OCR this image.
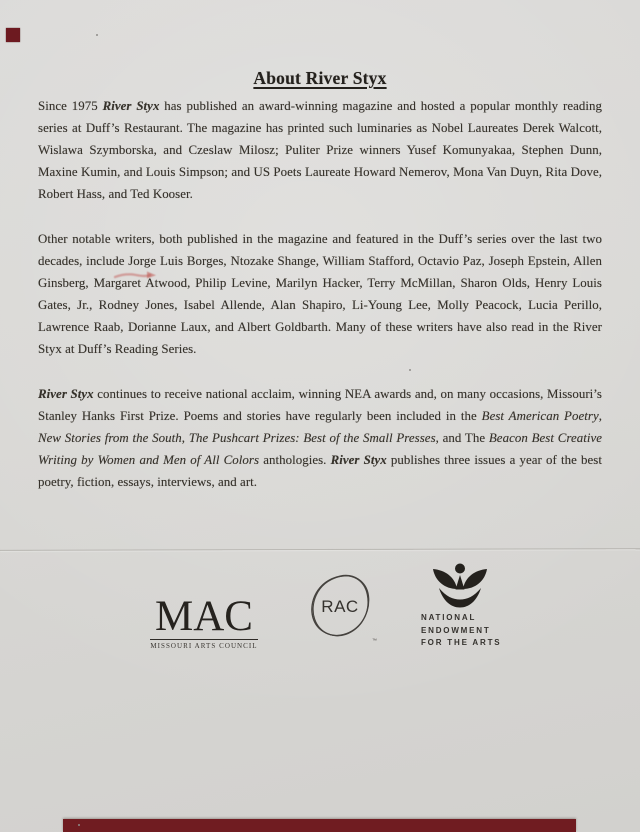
About River Styx
Since 1975 River Styx has published an award-winning magazine and hosted a popular monthly reading series at Duff’s Restaurant. The magazine has printed such luminaries as Nobel Laureates Derek Walcott, Wislawa Szymborska, and Czeslaw Milosz; Puliter Prize winners Yusef Komunyakaa, Stephen Dunn, Maxine Kumin, and Louis Simpson; and US Poets Laureate Howard Nemerov, Mona Van Duyn, Rita Dove, Robert Hass, and Ted Kooser.
Other notable writers, both published in the magazine and featured in the Duff’s series over the last two decades, include Jorge Luis Borges, Ntozake Shange, William Stafford, Octavio Paz, Joseph Epstein, Allen Ginsberg, Margaret Atwood, Philip Levine, Marilyn Hacker, Terry McMillan, Sharon Olds, Henry Louis Gates, Jr., Rodney Jones, Isabel Allende, Alan Shapiro, Li-Young Lee, Molly Peacock, Lucia Perillo, Lawrence Raab, Dorianne Laux, and Albert Goldbarth. Many of these writers have also read in the River Styx at Duff’s Reading Series.
River Styx continues to receive national acclaim, winning NEA awards and, on many occasions, Missouri’s Stanley Hanks First Prize. Poems and stories have regularly been included in the Best American Poetry, New Stories from the South, The Pushcart Prizes: Best of the Small Presses, and The Beacon Best Creative Writing by Women and Men of All Colors anthologies. River Styx publishes three issues a year of the best poetry, fiction, essays, interviews, and art.
MAC
MISSOURI ARTS COUNCIL
RAC
™
NATIONAL
ENDOWMENT
FOR THE ARTS
